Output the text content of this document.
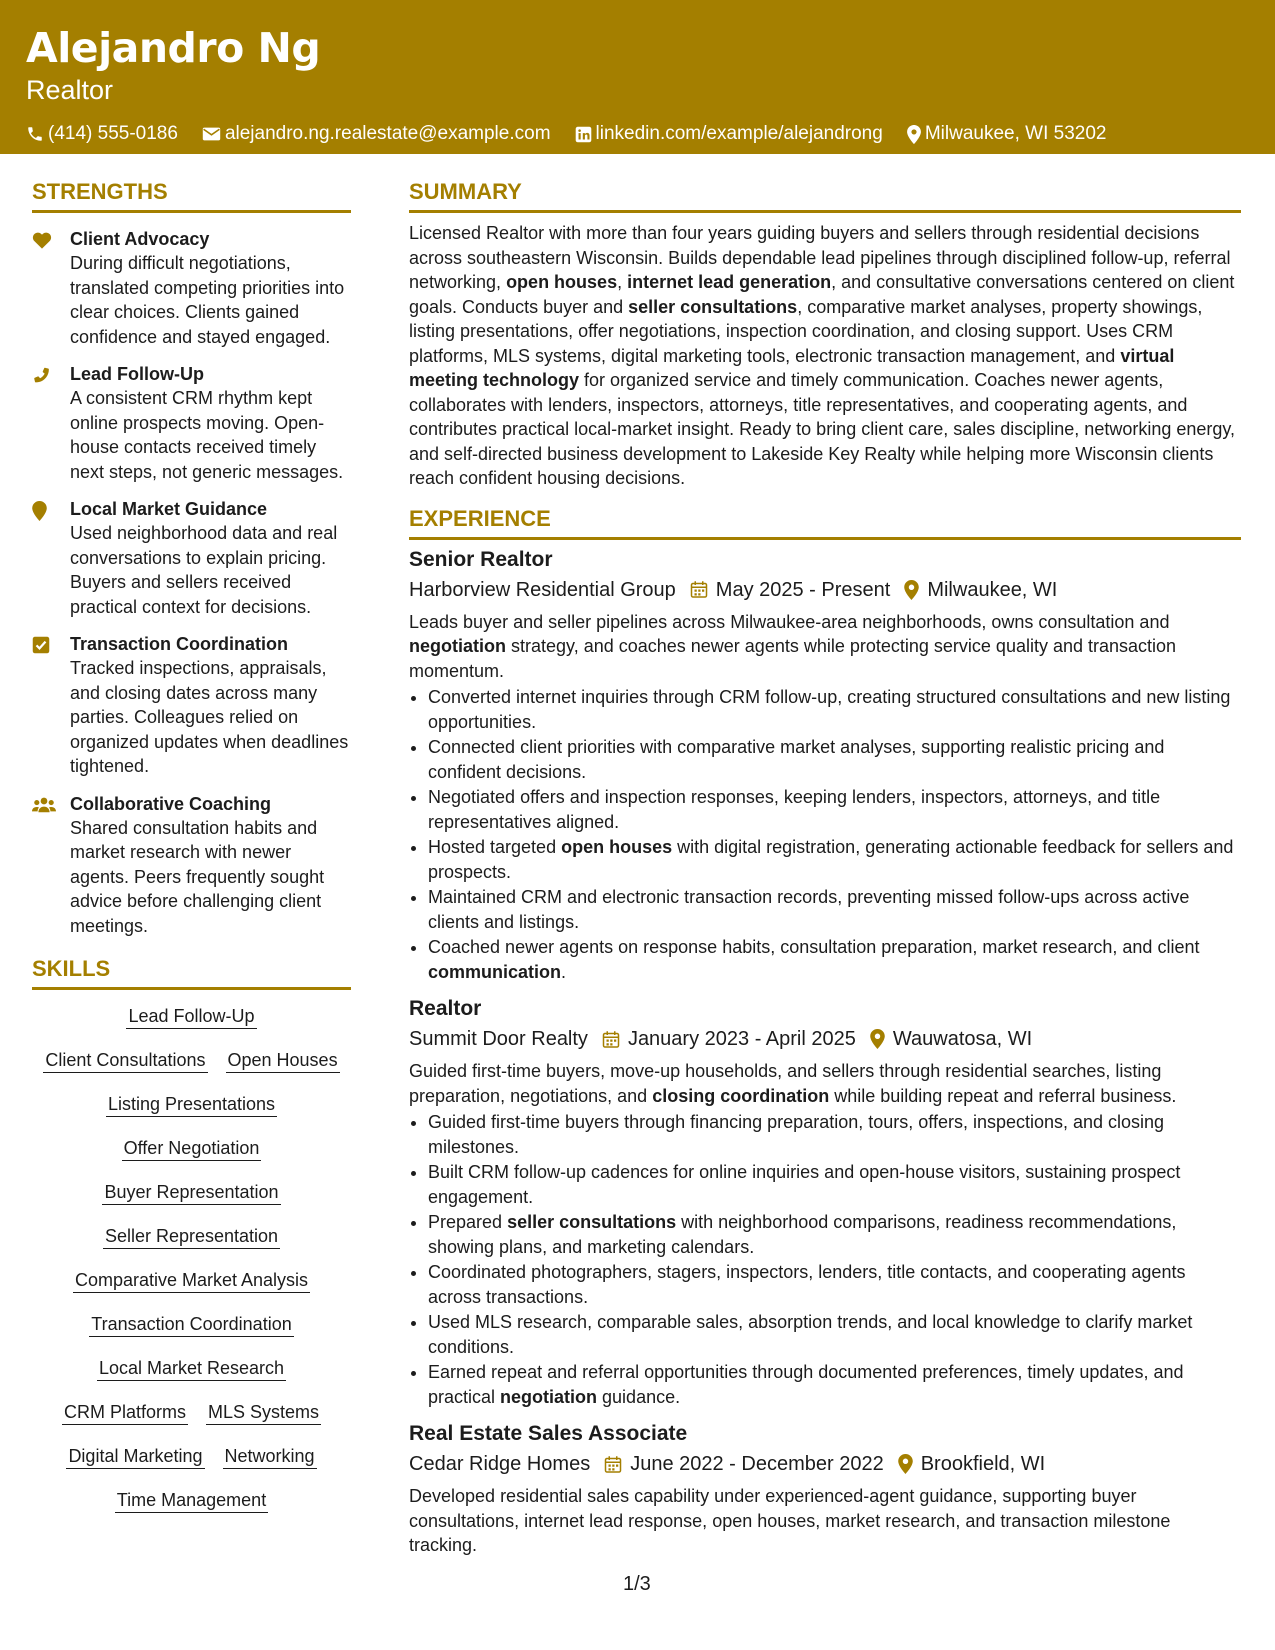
Alejandro Ng
Realtor
(414) 555-0186 alejandro.ng.realestate@example.com linkedin.com/example/alejandrong Milwaukee, WI 53202
STRENGTHS
Client Advocacy
During difficult negotiations, translated competing priorities into clear choices. Clients gained confidence and stayed engaged.
Lead Follow-Up
A consistent CRM rhythm kept online prospects moving. Open-house contacts received timely next steps, not generic messages.
Local Market Guidance
Used neighborhood data and real conversations to explain pricing. Buyers and sellers received practical context for decisions.
Transaction Coordination
Tracked inspections, appraisals, and closing dates across many parties. Colleagues relied on organized updates when deadlines tightened.
Collaborative Coaching
Shared consultation habits and market research with newer agents. Peers frequently sought advice before challenging client meetings.
SKILLS
Lead Follow-Up
Client Consultations Open Houses
Listing Presentations
Offer Negotiation
Buyer Representation
Seller Representation
Comparative Market Analysis
Transaction Coordination
Local Market Research
CRM Platforms MLS Systems
Digital Marketing Networking
Time Management
SUMMARY

Licensed Realtor with more than four years guiding buyers and sellers through residential decisions across southeastern Wisconsin. Builds dependable lead pipelines through disciplined follow-up, referral networking, open houses, internet lead generation, and consultative conversations centered on client goals. Conducts buyer and seller consultations, comparative market analyses, property showings, listing presentations, offer negotiations, inspection coordination, and closing support. Uses CRM platforms, MLS systems, digital marketing tools, electronic transaction management, and virtual meeting technology for organized service and timely communication. Coaches newer agents, collaborates with lenders, inspectors, attorneys, title representatives, and cooperating agents, and contributes practical local-market insight. Ready to bring client care, sales discipline, networking energy, and self-directed business development to Lakeside Key Realty while helping more Wisconsin clients reach confident housing decisions.

EXPERIENCE
Senior Realtor
Harborview Residential Group May 2025 - Present Milwaukee, WI
Leads buyer and seller pipelines across Milwaukee-area neighborhoods, owns consultation and negotiation strategy, and coaches newer agents while protecting service quality and transaction momentum.
• Converted internet inquiries through CRM follow-up, creating structured consultations and new listing opportunities.
• Connected client priorities with comparative market analyses, supporting realistic pricing and confident decisions.
• Negotiated offers and inspection responses, keeping lenders, inspectors, attorneys, and title representatives aligned.
• Hosted targeted open houses with digital registration, generating actionable feedback for sellers and prospects.
• Maintained CRM and electronic transaction records, preventing missed follow-ups across active clients and listings.
• Coached newer agents on response habits, consultation preparation, market research, and client communication.
Realtor
Summit Door Realty January 2023 - April 2025 Wauwatosa, WI
Guided first-time buyers, move-up households, and sellers through residential searches, listing preparation, negotiations, and closing coordination while building repeat and referral business.
• Guided first-time buyers through financing preparation, tours, offers, inspections, and closing milestones.
• Built CRM follow-up cadences for online inquiries and open-house visitors, sustaining prospect engagement.
• Prepared seller consultations with neighborhood comparisons, readiness recommendations, showing plans, and marketing calendars.
• Coordinated photographers, stagers, inspectors, lenders, title contacts, and cooperating agents across transactions.
• Used MLS research, comparable sales, absorption trends, and local knowledge to clarify market conditions.
• Earned repeat and referral opportunities through documented preferences, timely updates, and practical negotiation guidance.
Real Estate Sales Associate
Cedar Ridge Homes June 2022 - December 2022 Brookfield, WI
Developed residential sales capability under experienced-agent guidance, supporting buyer consultations, internet lead response, open houses, market research, and transaction milestone tracking.
1/3
